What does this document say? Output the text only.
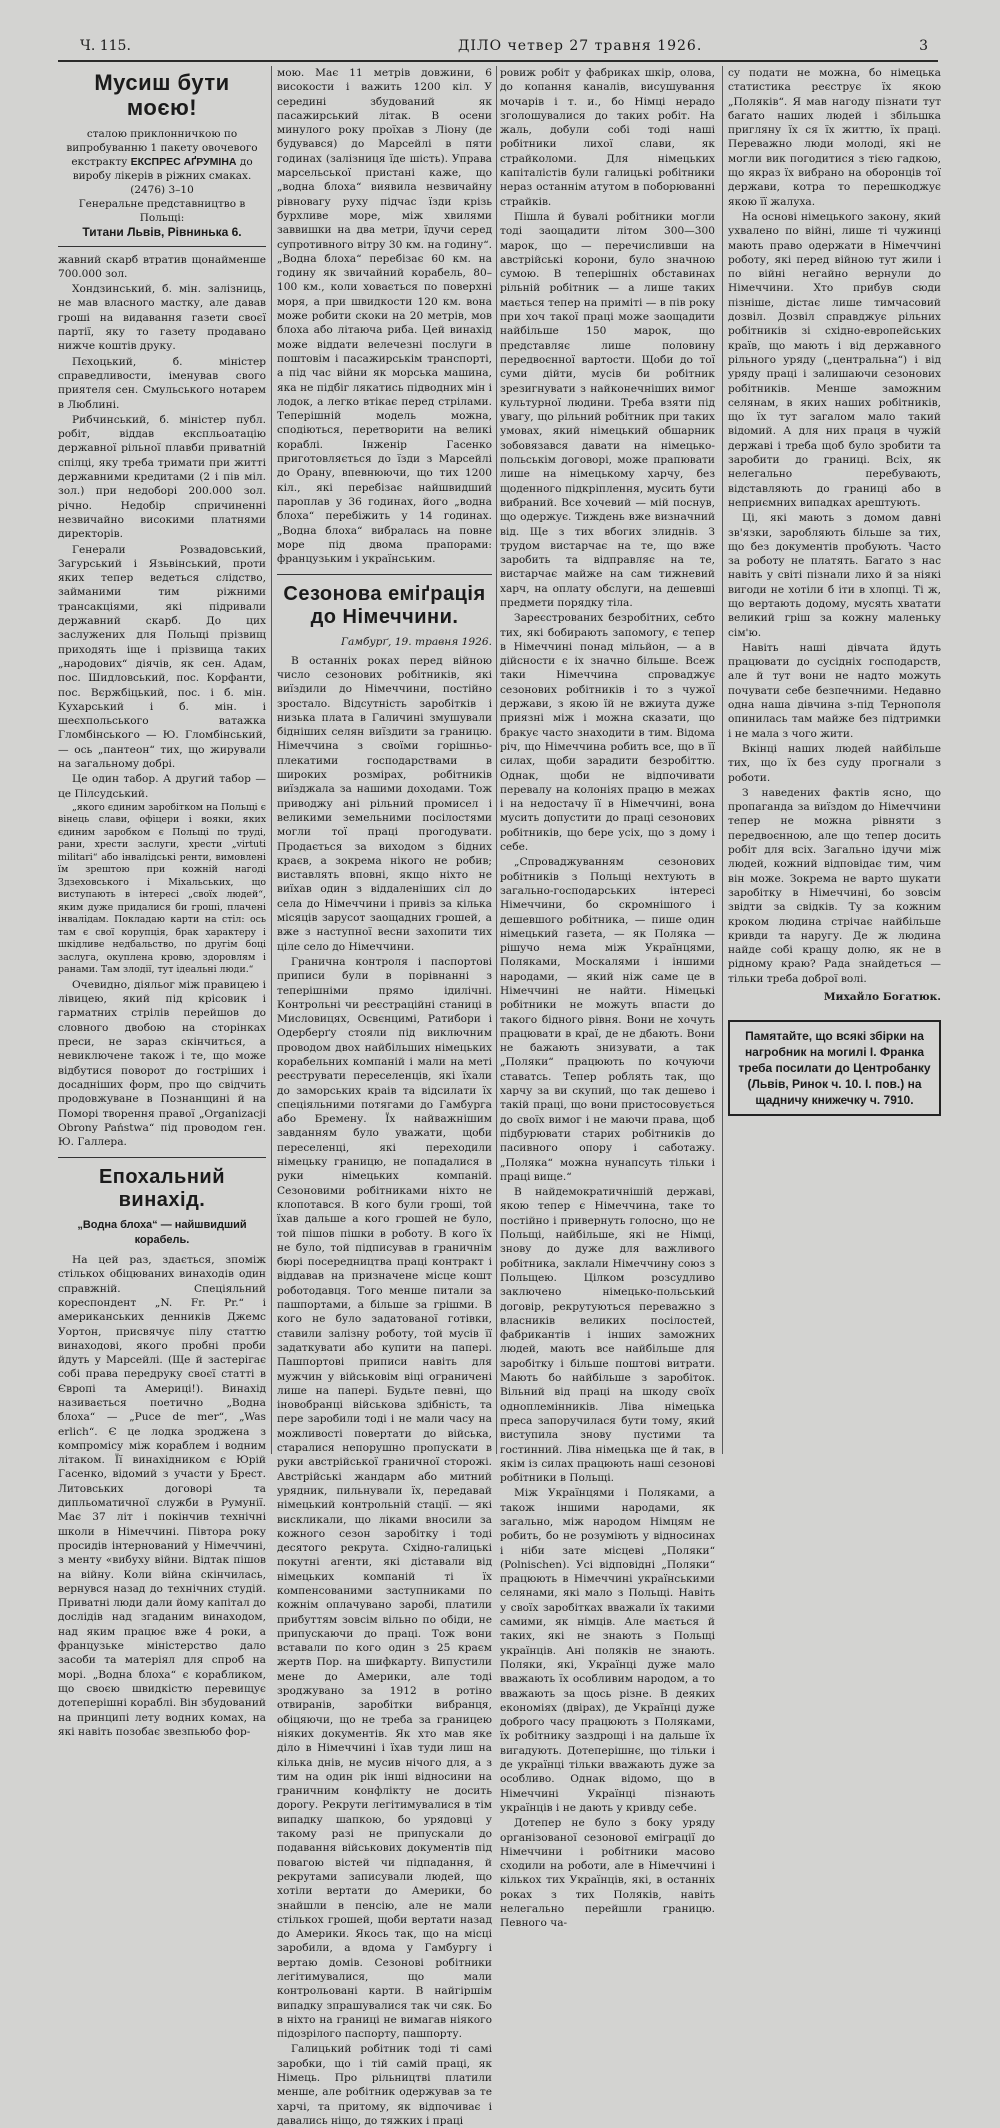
Ч. 115.	ДІЛО четвер 27 травня 1926.	3
Мусиш бути моєю!
сталою приклонничкою по випробуванню 1 пакету овочевого екстракту ЕКСПРЕС АҐРУМІНА до виробу лікерів в ріжних смаках. (2476) 3–10
Генеральне представництво в Польщі:
Титани Львів, Рівнинька 6.

жавний скарб втратив щонайменше 700.000 зол.

Хондзинський, б. мін. залізниць, не мав власного мастку, але давав гроші на видавання газети своєї партії, яку то газету продавано нижче коштів друку.

Пєхоцький, б. міністер справедливости, іменував свого приятеля сен. Смульського нотарем в Люблині.

Рибчинський, б. міністер публ. робіт, віддав експльоатацію державної рільної плавби приватній спілці, яку треба тримати при житті державними кредитами (2 і пів міл. зол.) при недоборі 200.000 зол. річно. Недобір спричиненні незвичайно високими платнями директорів.

Генерали Розвадовський, Загурський і Язьвінський, проти яких тепер ведеться слідство, займаними тим ріжними трансакціями, які підривали державний скарб. До цих заслужених для Польщі прізвищ приходять іще і прізвища таких „народових“ діячів, як сен. Адам, пос. Шидловський, пос. Корфанти, пос. Вєржбіцький, пос. і б. мін. Кухарський і б. мін. і шеєхпольського ватажка Гломбінського — Ю. Гломбінський, — ось „пантеон“ тих, що жирували на загальному добрі.

Це один табор. А другий табор — це Пілсудський.

„якого єдиним заробітком на Польщі є вінець слави, офіцери і вояки, яких єдиним заробком є Польщі по труді, рани, хрести заслуги, хрести „virtuti militari“ або інвалідські ренти, вимовлені їм зрештою при кожній нагоді Здзеховського і Міхальських, що виступають в інтересі „своїх людей“, яким дуже придалися би гроші, плачені інвалідам. Покладаю карти на стіл: ось там є свої корупція, брак характеру і шкідливе недбальство, по другім боці заслуга, окуплена кровю, здоровлям і ранами. Там злодії, тут ідеальні люди.“

Очевидно, діяльог між правицею і лівицею, який під крісовик і гарматних стрілів перейшов до словного двобою на сторінках преси, не зараз скінчиться, а невиключене також і те, що може відбутися поворот до гостріших і досадніших форм, про що свідчить продовжуване в Познанщині й на Поморі творення правої „Organizacji Obrony Państwa“ під проводом ген. Ю. Галлера.

Епохальний винахід.
„Водна блоха“ — найшвидший корабель.

На цей раз, здається, зпоміж стількох обіцюваних винаходів один справжній. Спеціяльний кореспондент „N. Fr. Pr.“ і американських денників Джемс Уортон, присвячує пілу статтю винаходові, якого пробні проби йдуть у Марсейлі. (Ще й застерігає собі права передруку своєї статті в Європі та Америці!). Винахід називається поетично „Водна блоха“ — „Puce de mer“, „Was erlich“. Є це лодка зроджена з компромісу між кораблем і водним літаком. Її винахідником є Юрій Гасенко, відомий з участи у Брест. Литовських договорі та дипльоматичної служби в Румунії. Має 37 літ і покінчив технічні школи в Німеччині. Півтора року просидів інтернований у Німеччині, з менту «вибуху війни. Відтак пішов на війну. Коли війна скінчилась, вернувся назад до технічних студій. Приватні люди дали йому капітал до дослідів над згаданим винаходом, над яким працює вже 4 роки, а французьке міністерство дало засоби та матеріял для спроб на морі. „Водна блоха“ є корабликом, що своєю швидкістю перевищує дотеперішні кораблі. Він збудований на принципі лету водних комах, на які навіть позобає звезпьюбо фор-

мою. Має 11 метрів довжини, 6 високости і важить 1200 кіл. У середині збудований як пасажирський літак. В осени минулого року проїхав з Ліону (де будувався) до Марсейлі в пяти годинах (залізниця їде шість). Управа марсельської пристані каже, що „водна блоха“ виявила незвичайну рівновагу руху підчас їзди крізь бурхливе море, між хвилями заввишки на два метри, їдучи серед супротивного вітру 30 км. на годину“. „Водна блоха“ перебізає 60 км. на годину як звичайний корабель, 80–100 км., коли ховається по поверхні моря, а при швидкости 120 км. вона може робити скоки на 20 метрів, мов блоха або літаюча риба. Цей винахід може віддати велечезні послуги в поштовім і пасажирськім транспорті, а під час війни як морська машина, яка не підбіг лякатись підводних мін і лодок, а легко втікає перед стрілами. Теперішній модель можна, сподіються, перетворити на великі кораблі. Інженір Гасенко приготовляється до їзди з Марсейлі до Орану, впевнюючи, що тих 1200 кіл., які перебізає найшвидший пароплав у 36 годинах, його „водна блоха“ перебіжить у 14 годинах. „Водна блоха“ вибралась на повне море під двома прапорами: французьким і українським.

Сезонова еміґрація до Німеччини.
Гамбурґ, 19. травня 1926.

В останніх роках перед війною число сезонових робітників, які виїздили до Німеччини, постійно зростало. Відсутність заробітків і низька плата в Галичині змушували бідніших селян виїздити за границю. Німеччина з своїми горішньо-плекатими господарствами в широких розмірах, робітників виїзджала за нашими доходами. Тож приводжу ані рільний промисел і великими земельними посілостями могли тої праці прогодувати. Продається за виходом з бідних краєв, а зокрема нікого не робив; виставлять вповні, якщо ніхто не виїхав один з віддаленіших сіл до села до Німеччини і привіз за кілька місяців зарусот заощадних грошей, а вже з наступної весни захопити тих ціле село до Німеччини.

Гранична контроля і паспортові приписи були в порівнанні з теперішніми прямо ідилічні. Контрольні чи реєстраційні станиці в Мисловицях, Освєнцимі, Ратибори і Одерберґу стояли під виключним проводом двох найбільших німецьких корабельних компаній і мали на меті реєструвати переселенців, які їхали до заморських краів та відсилати їх спеціяльними потягами до Гамбурга або Бремену. Їх найважнішим завданням було уважати, щоби переселенці, які переходили німецьку границю, не попадалися в руки німецьких компаній. Сезоновими робітниками ніхто не клопотався. В кого були гроші, той їхав дальше а кого грошей не було, той пішов пішки в роботу. В кого їх не було, той підписував в граничнім бюрі посередництва праці контракт і віддавав на призначене місце кошт роботодавця. Того менше питали за пашпортами, а більше за грішми. В кого не було задатованої готівки, ставили залізну роботу, той мусів її задаткувати або купити на папері. Пашпортові приписи навіть для мужчин у військовім віці ограничені лише на папері. Будьте певні, що іновобранці військова здібність, та пере заробили тоді і не мали часу на можливості повертати до війська, старалися непорушно пропускати в руки австрійської граничної сторожі. Австрійські жандарм або митний урядник, пильнували їх, передавай німецький контрольній стації. — які вискликали, що ліками вносили за кожного сезон заробітку і тоді десятого рекрута. Східно-галицькі покутні агенти, які діставали від німецьких компаній ті їх компенсованими заступниками по кожнім оплачувано заробі, платили прибуттям зовсім вільно по обіди, не припускаючи до праці. Тож вони вставали по кого один з 25 краєм жертв Пор. на шифкарту. Випустили мене до Америки, але тоді зроджувано за 1912 в ротіно отвиранів, заробітки вибранця, обіцяючи, що не треба за границею ніяких документів. Як хто мав яке діло в Німеччині і їхав туди лиш на кілька днів, не мусив нічого для, а з тим на один рік інші відносини на граничним конфлікту не досить дорогу. Рекрути легітимувалися в тім випадку шапкою, бо урядовці у такому разі не припускали до подавання військових документів під повагою вістей чи підпадання, й рекрутами записували людей, що хотіли вертати до Америки, бо знайшли в пенсію, але не мали стількох грошей, щоби вертати назад до Америки. Якось так, що на місці заробили, а вдома у Гамбургу і вертаю домів. Сезонові робітники легітимувалися, що мали контрольовані карти. В найгіршім випадку зпрашувалися так чи сяк. Бо в ніхто на границі не вимагав ніякого підозрілого паспорту, пашпорту.

Галицький робітник тоді ті самі заробки, що і тій самій праці, як Німець. Про рільництві платили менше, але робітник одержував за те харчі, та притому, як відпочиває і давались ніщо, до тяжких і праці

ровиж робіт у фабриках шкір, олова, до копання каналів, висушування мочарів і т. и., бо Німці нерадо зголошувалися до таких робіт. На жаль, добули собі тоді наші робітники лихої слави, як страйколоми. Для німецьких капіталістів були галицькі робітники нераз останнім атутом в поборюванні страйків.

Пішла й бувалі робітники могли тоді заощадити літом 300—300 марок, що — перечисливши на австрійські корони, було значною сумою. В теперішніх обставинах рільній робітник — а лише таких мається тепер на приміті — в пів року при хоч такої праці може заощадити найбільше 150 марок, що представляє лише половину передвоєнної вартости. Щоби до тої суми дійти, мусів би робітник зрезигнувати з найконечніших вимог культурної людини. Треба взяти під увагу, що рільний робітник при таких умовах, який німецький обшарник зобовязався давати на німецько-польськім договорі, може прапювати лише на німецькому харчу, без щоденного підкріплення, мусить бути вибраний. Все хочевий — мій поснув, що одержує. Тиждень вже визначний від. Ще з тих вбогих злиднів. З трудом вистарчає на те, що вже заробить та відправляє на те, вистарчає майже на сам тижневий харч, на оплату обслуги, на дешевші предмети порядку тіла.

Зареєстрованих безробітних, себто тих, які бобирають запомогу, є тепер в Німеччині понад мільйон, — а в дійсности є іх значно більше. Всеж таки Німеччина спроваджує сезонових робітників і то з чужої держави, з якою їй не вжиута дуже приязні між і можна сказати, що бракує часто знаходити в тим. Відома річ, що Німеччина робить все, що в її силах, щоби зарадити безробіттю. Однак, щоби не відпочивати перевалу на колоніях працю в межах і на недостачу її в Німеччині, вона мусить допустити до праці сезонових робітників, що бере усіх, що з дому і себе.

„Спроваджуванням сезонових робітників з Польщі нехтують в загально-господарських інтересі Німеччини, бо скромнішого і дешевшого робітника, — пише один німецький газета, — як Поляка — рішучо нема між Українцями, Поляками, Москалями і іншими народами, — який ніж саме це в Німеччині не найти. Німецькі робітники не можуть впасти до такого бідного рівня. Вони не хочуть працювати в краї, де не дбають. Вони не бажають знизувати, а так „Поляки“ працюють по кочуючи ставатсь. Тепер роблять так, що харчу за ви скупий, що так дешево і такій праці, що вони пристосовується до своїх вимог і не маючи права, щоб підбурювати старих робітників до пасивного опору і саботажу. „Поляка“ можна нунапсуть тільки і праці вище.“

В найдемократичнішій державі, якою тепер є Німеччина, таке то постійно і привернуть голосно, що не Польщі, найбільше, які не Німці, знову до дуже для важливого робітника, заклали Німеччину союз з Польщею. Цілком розсудливо заключено німецько-польський договір, рекрутуються переважно з власників великих посілостей, фабрикантів і інших заможних людей, мають все найбільше для заробітку і більше поштові витрати. Мають бо найбільше з заробіток. Вільний від праці на шкоду своїх одноплемінників. Ліва німецька преса запоручилася бути тому, який виступила знову пустими та гостинний. Ліва німецька ще й так, в якім із силах працюють наші сезонові робітники в Польщі.

Між Українцями і Поляками, а також іншими народами, як загально, між народом Німцям не робить, бо не розуміють у відносинах і ніби зате місцеві „Поляки“ (Polnischen). Усі відповідні „Поляки“ працюють в Німеччині українськими селянами, які мало з Польщі. Навіть у своїх заробітках вважали їх такими самими, як німців. Але мається й таких, які не знають з Польщі українців. Ані поляків не знають. Поляки, які, Українці дуже мало вважають їх особливим народом, а то вважають за щось різне. В деяких економіях (двірах), де Українці дуже доброго часу працюють з Поляками, їх робітнику заздрощі і на дальше їх вигадують. Дотеперішнє, що тільки і де українці тільки вважають дуже за особливо. Однак відомо, що в Німеччині Українці пізнають українців і не дають у кривду себе.

Дотепер не було з боку уряду організованої сезонової еміграції до Німеччини і робітники масово сходили на роботи, але в Німеччині і кількох тих Українців, які, в останніх роках з тих Поляків, навіть нелегально перейшли границю. Певного ча-

су подати не можна, бо німецька статистика реєструє їх якою „Поляків“. Я мав нагоду пізнати тут багато наших людей і збільшка пригляну їх ся їх життю, їх праці. Переважно люди молоді, які не могли вик погодитися з тією гадкою, що якраз їх вибрано на оборонців тої держави, котра то перешкоджує якою її жалуха.

На основі німецького закону, який ухвалено по війні, лише ті чужинці мають право одержати в Німеччині роботу, які перед війною тут жили і по війні негайно вернули до Німеччини. Хто прибув сюди пізніше, дістає лише тимчасовий дозвіл. Дозвіл справджує рільних робітників зі східно-европейських країв, що мають і від державного рільного уряду („центральна“) і від уряду праці і залишаючи сезонових робітників. Менше заможним селянам, в яких наших робітників, що їх тут загалом мало такий відомий. А для них праця в чужій державі і треба щоб було зробити та заробити до границі. Всіх, як нелегально перебувають, відставляють до границі або в неприємних випадках арештують.

Ці, які мають з домом давні зв'язки, заробляють більше за тих, що без документів пробують. Часто за роботу не платять. Багато з нас навіть у світі пізнали лихо й за ніякі вигоди не хотіли б іти в хлопці. Ті ж, що вертають додому, мусять хватати великий гріш за кожну маленьку сім'ю.

Навіть наші дівчата йдуть працювати до сусідніх господарств, але й тут вони не надто можуть почувати себе безпечними. Недавно одна наша дівчина з-під Тернополя опинилась там майже без підтримки і не мала з чого жити.

Вкінці наших людей найбільше тих, що їх без суду прогнали з роботи.

З наведених фактів ясно, що пропаганда за виїздом до Німеччини тепер не можна рівняти з передвоєнною, але що тепер досить робіт для всіх. Загально ідучи між людей, кожний відповідає тим, чим він може. Зокрема не варто шукати заробітку в Німеччині, бо зовсім звідти за свідків. Ту за кожним кроком людина стрічає найбільше кривди та наругу. Де ж людина найде собі кращу долю, як не в рідному краю? Рада знайдеться — тільки треба доброї волі.

Михайло Богатюк.
Памятайте, що всякі збірки на нагробник на могилі І. Франка треба посилати до Центробанку (Львів, Ринок ч. 10. І. пов.) на щадничу книжечку ч. 7910.
